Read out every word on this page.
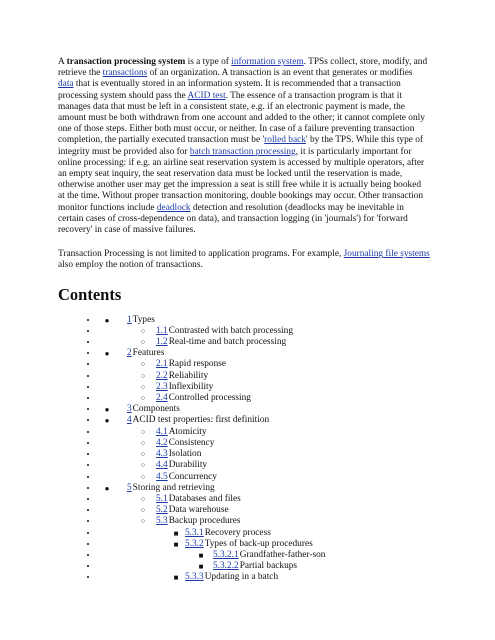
A transaction processing system is a type of information system. TPSs collect, store, modify, and retrieve the transactions of an organization. A transaction is an event that generates or modifies data that is eventually stored in an information system. It is recommended that a transaction processing system should pass the ACID test. The essence of a transaction program is that it manages data that must be left in a consistent state, e.g. if an electronic payment is made, the amount must be both withdrawn from one account and added to the other; it cannot complete only one of those steps. Either both must occur, or neither. In case of a failure preventing transaction completion, the partially executed transaction must be 'rolled back' by the TPS. While this type of integrity must be provided also for batch transaction processing, it is particularly important for online processing: if e.g. an airline seat reservation system is accessed by multiple operators, after an empty seat inquiry, the seat reservation data must be locked until the reservation is made, otherwise another user may get the impression a seat is still free while it is actually being booked at the time. Without proper transaction monitoring, double bookings may occur. Other transaction monitor functions include deadlock detection and resolution (deadlocks may be inevitable in certain cases of cross-dependence on data), and transaction logging (in 'journals') for 'forward recovery' in case of massive failures.

Transaction Processing is not limited to application programs. For example, Journaling file systems also employ the notion of transactions.

Contents
• ● 1Types
• ○ 1.1Contrasted with batch processing
• ○ 1.2Real-time and batch processing
• ● 2Features
• ○ 2.1Rapid response
• ○ 2.2Reliability
• ○ 2.3Inflexibility
• ○ 2.4Controlled processing
• ● 3Components
• ● 4ACID test properties: first definition
• ○ 4.1Atomicity
• ○ 4.2Consistency
• ○ 4.3Isolation
• ○ 4.4Durability
• ○ 4.5Concurrency
• ● 5Storing and retrieving
• ○ 5.1Databases and files
• ○ 5.2Data warehouse
• ○ 5.3Backup procedures
• ■ 5.3.1Recovery process
• ■ 5.3.2Types of back-up procedures
• ■ 5.3.2.1Grandfather-father-son
• ■ 5.3.2.2Partial backups
• ■ 5.3.3Updating in a batch
